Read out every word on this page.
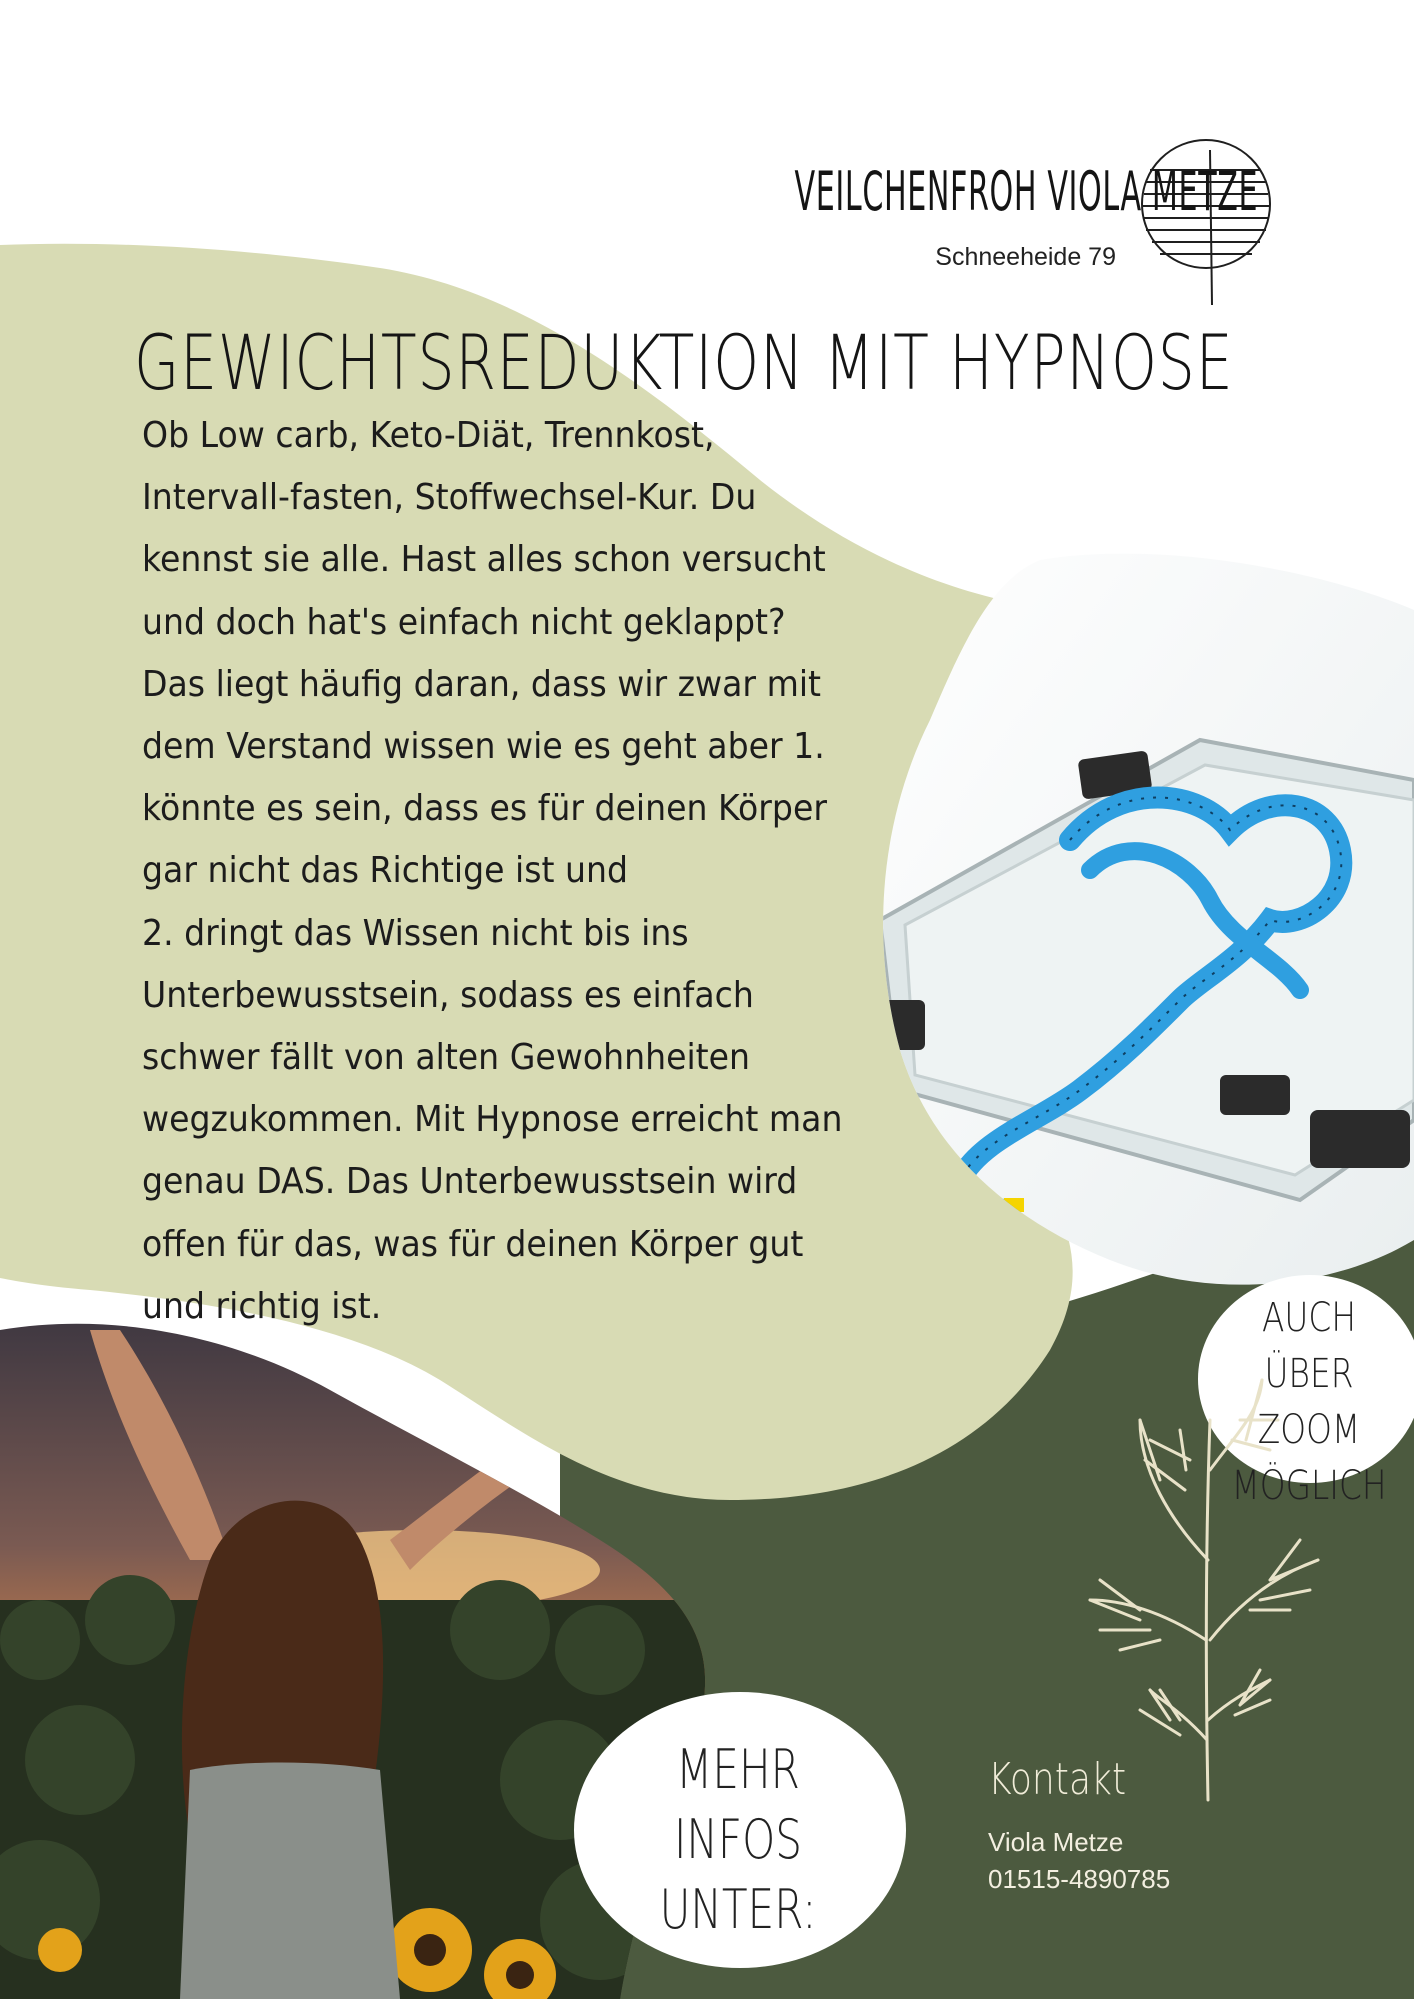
VEILCHENFROH VIOLA METZE
Schneeheide 79
GEWICHTSREDUKTION MIT HYPNOSE
Ob Low carb, Keto-Diät, Trennkost,
Intervall-fasten, Stoffwechsel-Kur. Du
kennst sie alle. Hast alles schon versucht
und doch hat's einfach nicht geklappt?
Das liegt häufig daran, dass wir zwar mit
dem Verstand wissen wie es geht aber 1.
könnte es sein, dass es für deinen Körper
gar nicht das Richtige ist und
2. dringt das Wissen nicht bis ins
Unterbewusstsein, sodass es einfach
schwer fällt von alten Gewohnheiten
wegzukommen. Mit Hypnose erreicht man
genau DAS. Das Unterbewusstsein wird
offen für das, was für deinen Körper gut
und richtig ist.	AUCH ÜBER
ZOOM
MÖGLICH
MEHR
INFOS
UNTER:
Kontakt
Viola Metze
01515-4890785
